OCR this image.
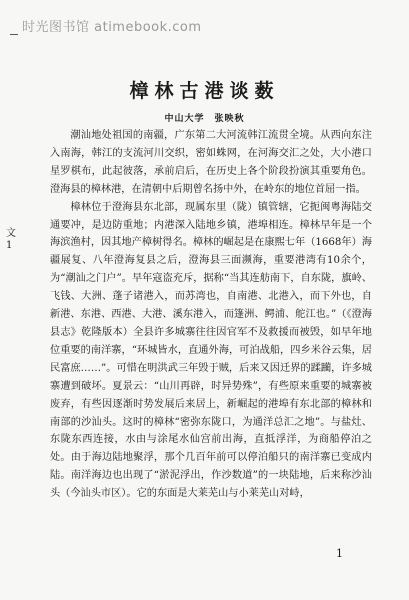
时光图书馆 atimebook.com
文
1
樟林古港谈薮
中山大学　张映秋

潮汕地处祖国的南疆，广东第二大河流韩江流贯全境。从西向东注入南海，韩江的支流河川交织，密如蛛网，在河海交汇之处，大小港口星罗棋布，此起彼落，承前启后，在历史上各个阶段扮演其重要角色。澄海县的樟林港，在清朝中后期曾名扬中外，在岭东的地位首屈一指。

樟林位于澄海县东北部，现属东里（陇）镇管辖，它扼闽粤海陆交通要冲，是边防重地；内港深入陆地乡镇，港埠相连。樟林早年是一个海滨渔村，因其地产樟树得名。樟林的崛起是在康熙七年（1668年）海疆展复、八年澄海复县之后，澄海县三面濒海，重要港湾有10余个，为“潮汕之门户”。早年寇盗充斥，据称“当其连舫南下，自东陇，旗岭、飞钱、大洲、蓬子诸港入，而苏湾也，自南港、北港入，而下外也，自新港、东港、西港、大港、溪东港入，而篷洲、鳄浦、舵江也。”（《澄海县志》乾隆版本）全县许多城寨往往因官军不及救援而被毁，如早年地位重要的南洋寨，“环城皆水，直通外海，可泊战船，四乡米谷云集，居民富庶……”。可惜在明洪武三年毁于贼，后来又因迁界的蹂躏，许多城寨遭到破坏。夏景云：“山川再辟，时异势殊”，有些原来重要的城寨被废弃，有些因逐渐时势发展后来居上，新崛起的港埠有东北部的樟林和南部的沙汕头。这时的樟林“密弥东陇口，为通洋总汇之地”。与盐灶、东陇东西连接，水由与涂尾水仙宫前出海，直抵浮洋，为商船停泊之处。由于海边陆地聚浮，那个几百年前可以停泊船只的南洋寨已变成内陆。南洋海边也出现了“淤泥浮出，作沙数道”的一块陆地，后来称沙汕头（今汕头市区）。它的东面是大莱芜山与小莱芜山对峙，

1
